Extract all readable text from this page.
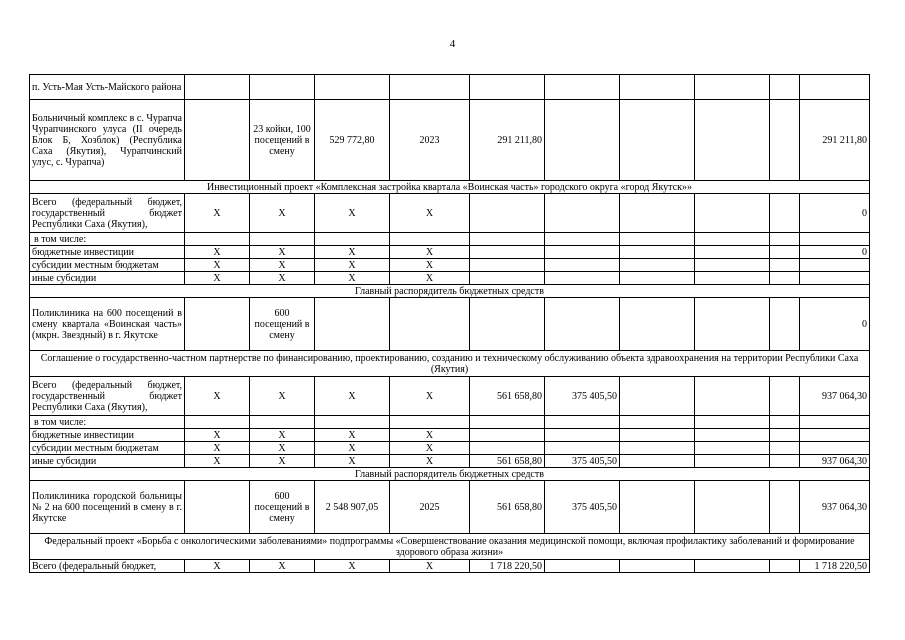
4
п. Усть-Мая Усть-Майского района										
Больничный комплекс в с. Чурапча Чурапчинского улуса (II очередь Блок Б, Хозблок) (Республика Саха (Якутия), Чурапчинский улус, с. Чурапча)		23 койки, 100 посещений в смену	529 772,80	2023	291 211,80					291 211,80
Инвестиционный проект «Комплексная застройка квартала «Воинская часть» городского округа «город Якутск»»										
Всего (федеральный бюджет, государственный бюджет Республики Саха (Якутия),	X	X	X	X						0
в том числе:										
бюджетные инвестиции	X	X	X	X						0
субсидии местным бюджетам	X	X	X	X						
иные субсидии	X	X	X	X						
Главный распорядитель бюджетных средств										
Поликлиника на 600 посещений в смену квартала «Воинская часть» (мкрн. Звездный) в г. Якутске		600 посещений в смену								0
Соглашение о государственно-частном партнерстве по финансированию, проектированию, созданию и техническому обслуживанию объекта здравоохранения на территории Республики Саха (Якутия)										
Всего (федеральный бюджет, государственный бюджет Республики Саха (Якутия),	X	X	X	X	561 658,80	375 405,50				937 064,30
в том числе:										
бюджетные инвестиции	X	X	X	X						
субсидии местным бюджетам	X	X	X	X						
иные субсидии	X	X	X	X	561 658,80	375 405,50				937 064,30
Главный распорядитель бюджетных средств										
Поликлиника городской больницы № 2 на 600 посещений в смену в г. Якутске		600 посещений в смену	2 548 907,05	2025	561 658,80	375 405,50				937 064,30
Федеральный проект «Борьба с онкологическими заболеваниями» подпрограммы «Совершенствование оказания медицинской помощи, включая профилактику заболеваний и формирование здорового образа жизни»										
Всего (федеральный бюджет,	X	X	X	X	1 718 220,50					1 718 220,50
